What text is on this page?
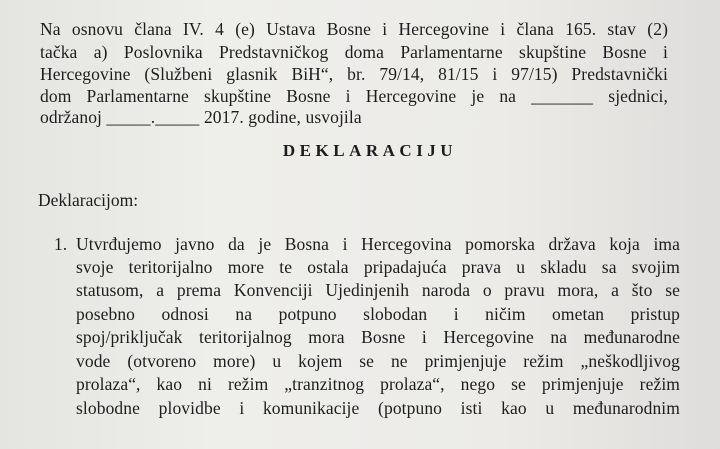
Na osnovu člana IV. 4 (e) Ustava Bosne i Hercegovine i člana 165. stav (2)
tačka a) Poslovnika Predstavničkog doma Parlamentarne skupštine Bosne i
Hercegovine (Službeni glasnik BiH“, br. 79/14, 81/15 i 97/15) Predstavnički
dom Parlamentarne skupštine Bosne i Hercegovine je na _______ sjednici,
održanoj _____._____ 2017. godine, usvojila
DEKLARACIJU
Deklaracijom:
1. Utvrđujemo javno da je Bosna i Hercegovina pomorska država koja ima
svoje teritorijalno more te ostala pripadajuća prava u skladu sa svojim
statusom, a prema Konvenciji Ujedinjenih naroda o pravu mora, a što se
posebno odnosi na potpuno slobodan i ničim ometan pristup
spoj/priključak teritorijalnog mora Bosne i Hercegovine na međunarodne
vode (otvoreno more) u kojem se ne primjenjuje režim „neškodljivog
prolaza“, kao ni režim „tranzitnog prolaza“, nego se primjenjuje režim
slobodne plovidbe i komunikacije (potpuno isti kao u međunarodnim
